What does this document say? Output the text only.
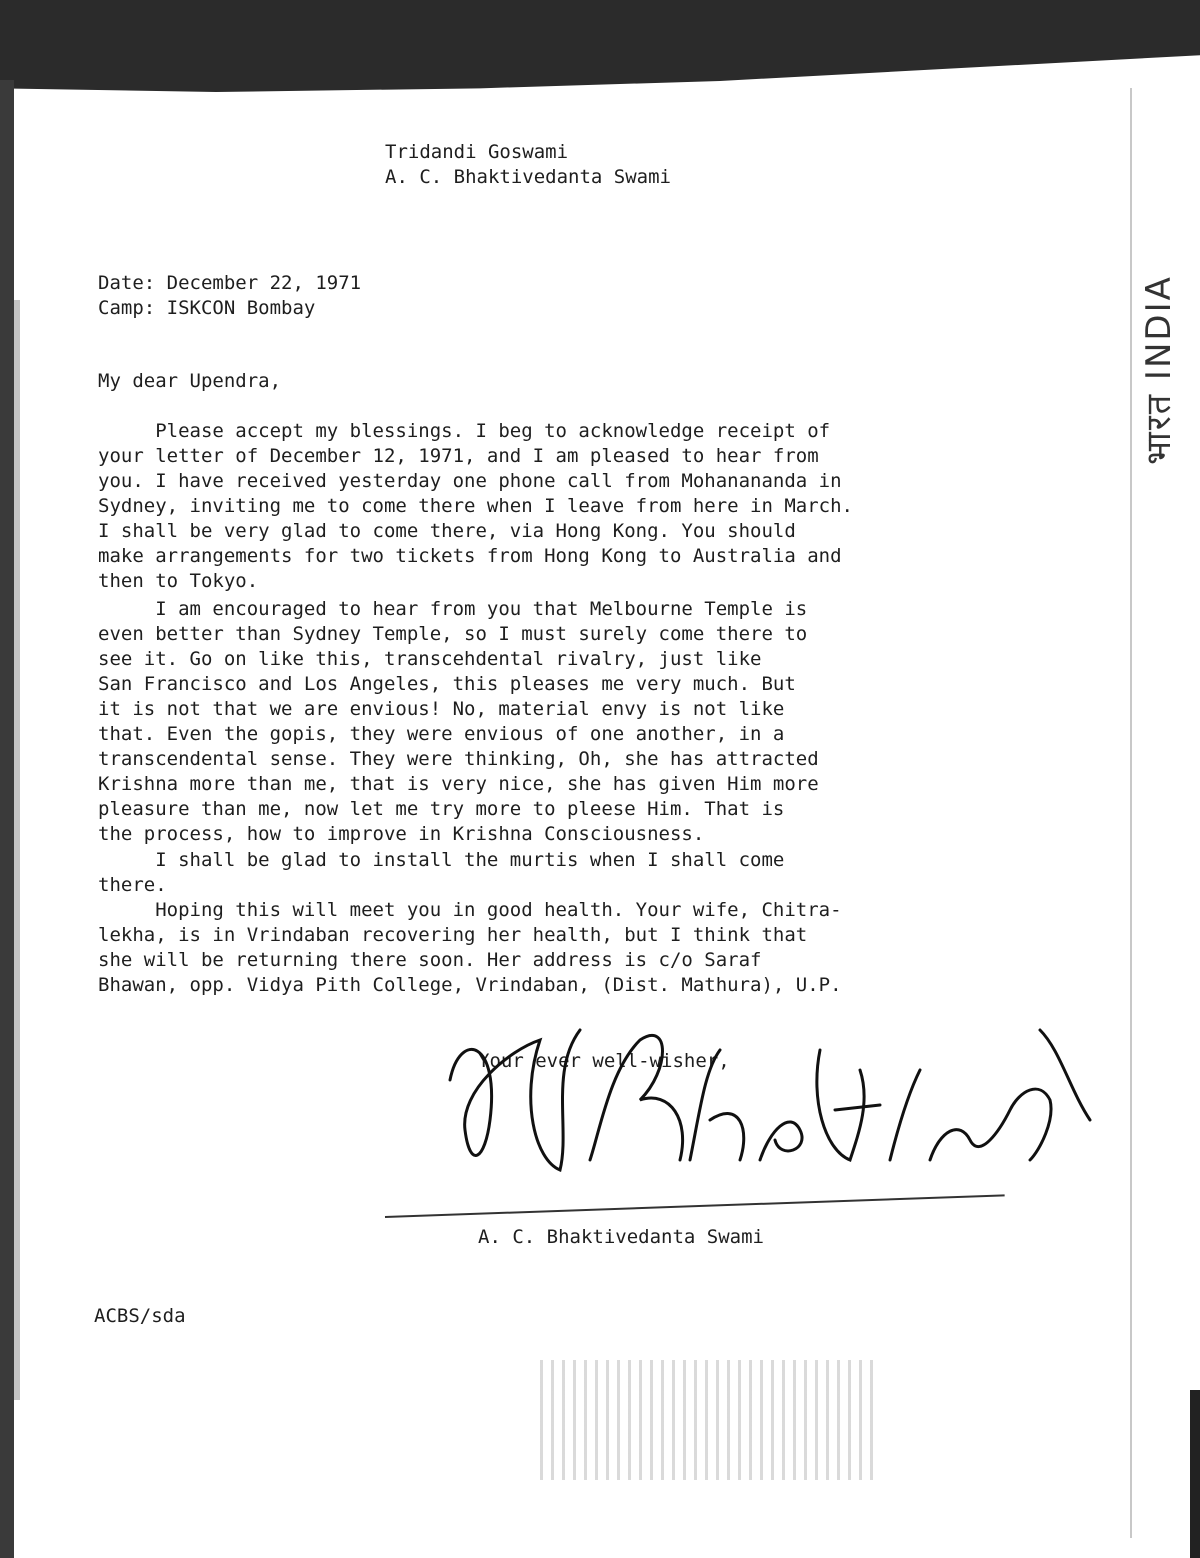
भारत INDIA
Tridandi Goswami
A. C. Bhaktivedanta Swami
Date: December 22, 1971
Camp: ISKCON Bombay
My dear Upendra,
Please accept my blessings. I beg to acknowledge receipt of
your letter of December 12, 1971, and I am pleased to hear from
you. I have received yesterday one phone call from Mohanananda in
Sydney, inviting me to come there when I leave from here in March.
I shall be very glad to come there, via Hong Kong. You should
make arrangements for two tickets from Hong Kong to Australia and
then to Tokyo.
I am encouraged to hear from you that Melbourne Temple is
even better than Sydney Temple, so I must surely come there to
see it. Go on like this, transcehdental rivalry, just like
San Francisco and Los Angeles, this pleases me very much. But
it is not that we are envious! No, material envy is not like
that. Even the gopis, they were envious of one another, in a
transcendental sense. They were thinking, Oh, she has attracted
Krishna more than me, that is very nice, she has given Him more
pleasure than me, now let me try more to pleese Him. That is
the process, how to improve in Krishna Consciousness.
I shall be glad to install the murtis when I shall come
there.
Hoping this will meet you in good health. Your wife, Chitra-
lekha, is in Vrindaban recovering her health, but I think that
she will be returning there soon. Her address is c/o Saraf
Bhawan, opp. Vidya Pith College, Vrindaban, (Dist. Mathura), U.P.
Your ever well-wisher,
A. C. Bhaktivedanta Swami
ACBS/sda
